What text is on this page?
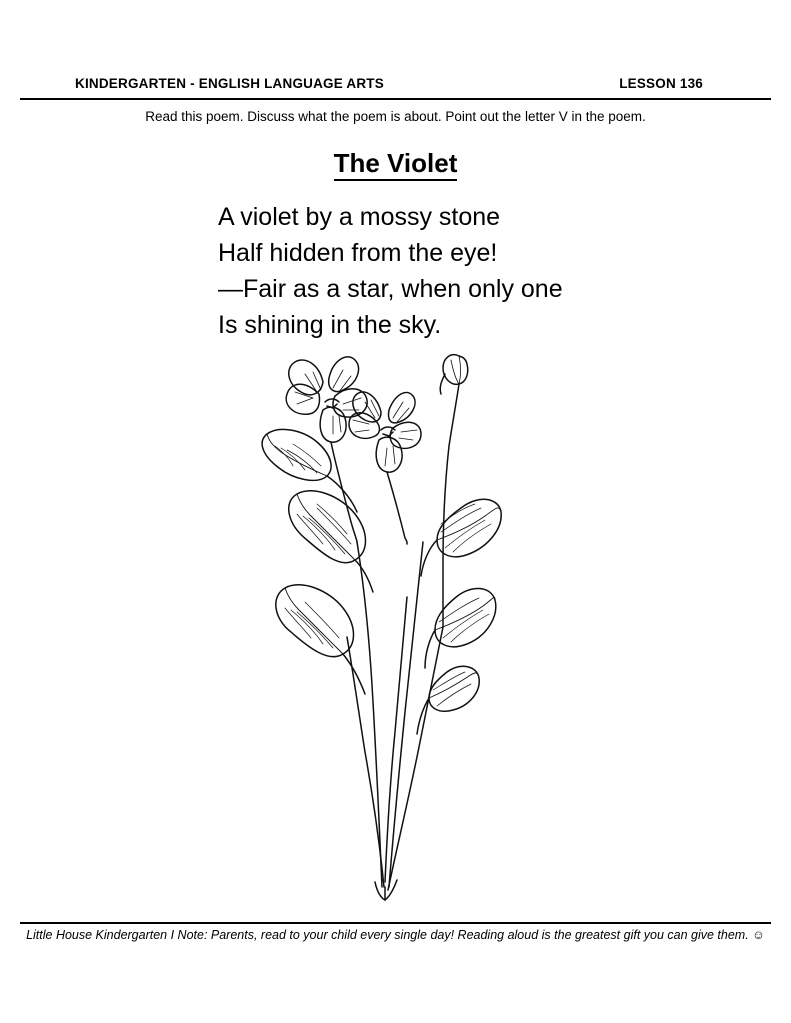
KINDERGARTEN - ENGLISH LANGUAGE ARTS	LESSON 136
Read this poem. Discuss what the poem is about. Point out the letter V in the poem.
The Violet
A violet by a mossy stone
Half hidden from the eye!
—Fair as a star, when only one
Is shining in the sky.
Little House Kindergarten I Note: Parents, read to your child every single day! Reading aloud is the greatest gift you can give them. ☺
